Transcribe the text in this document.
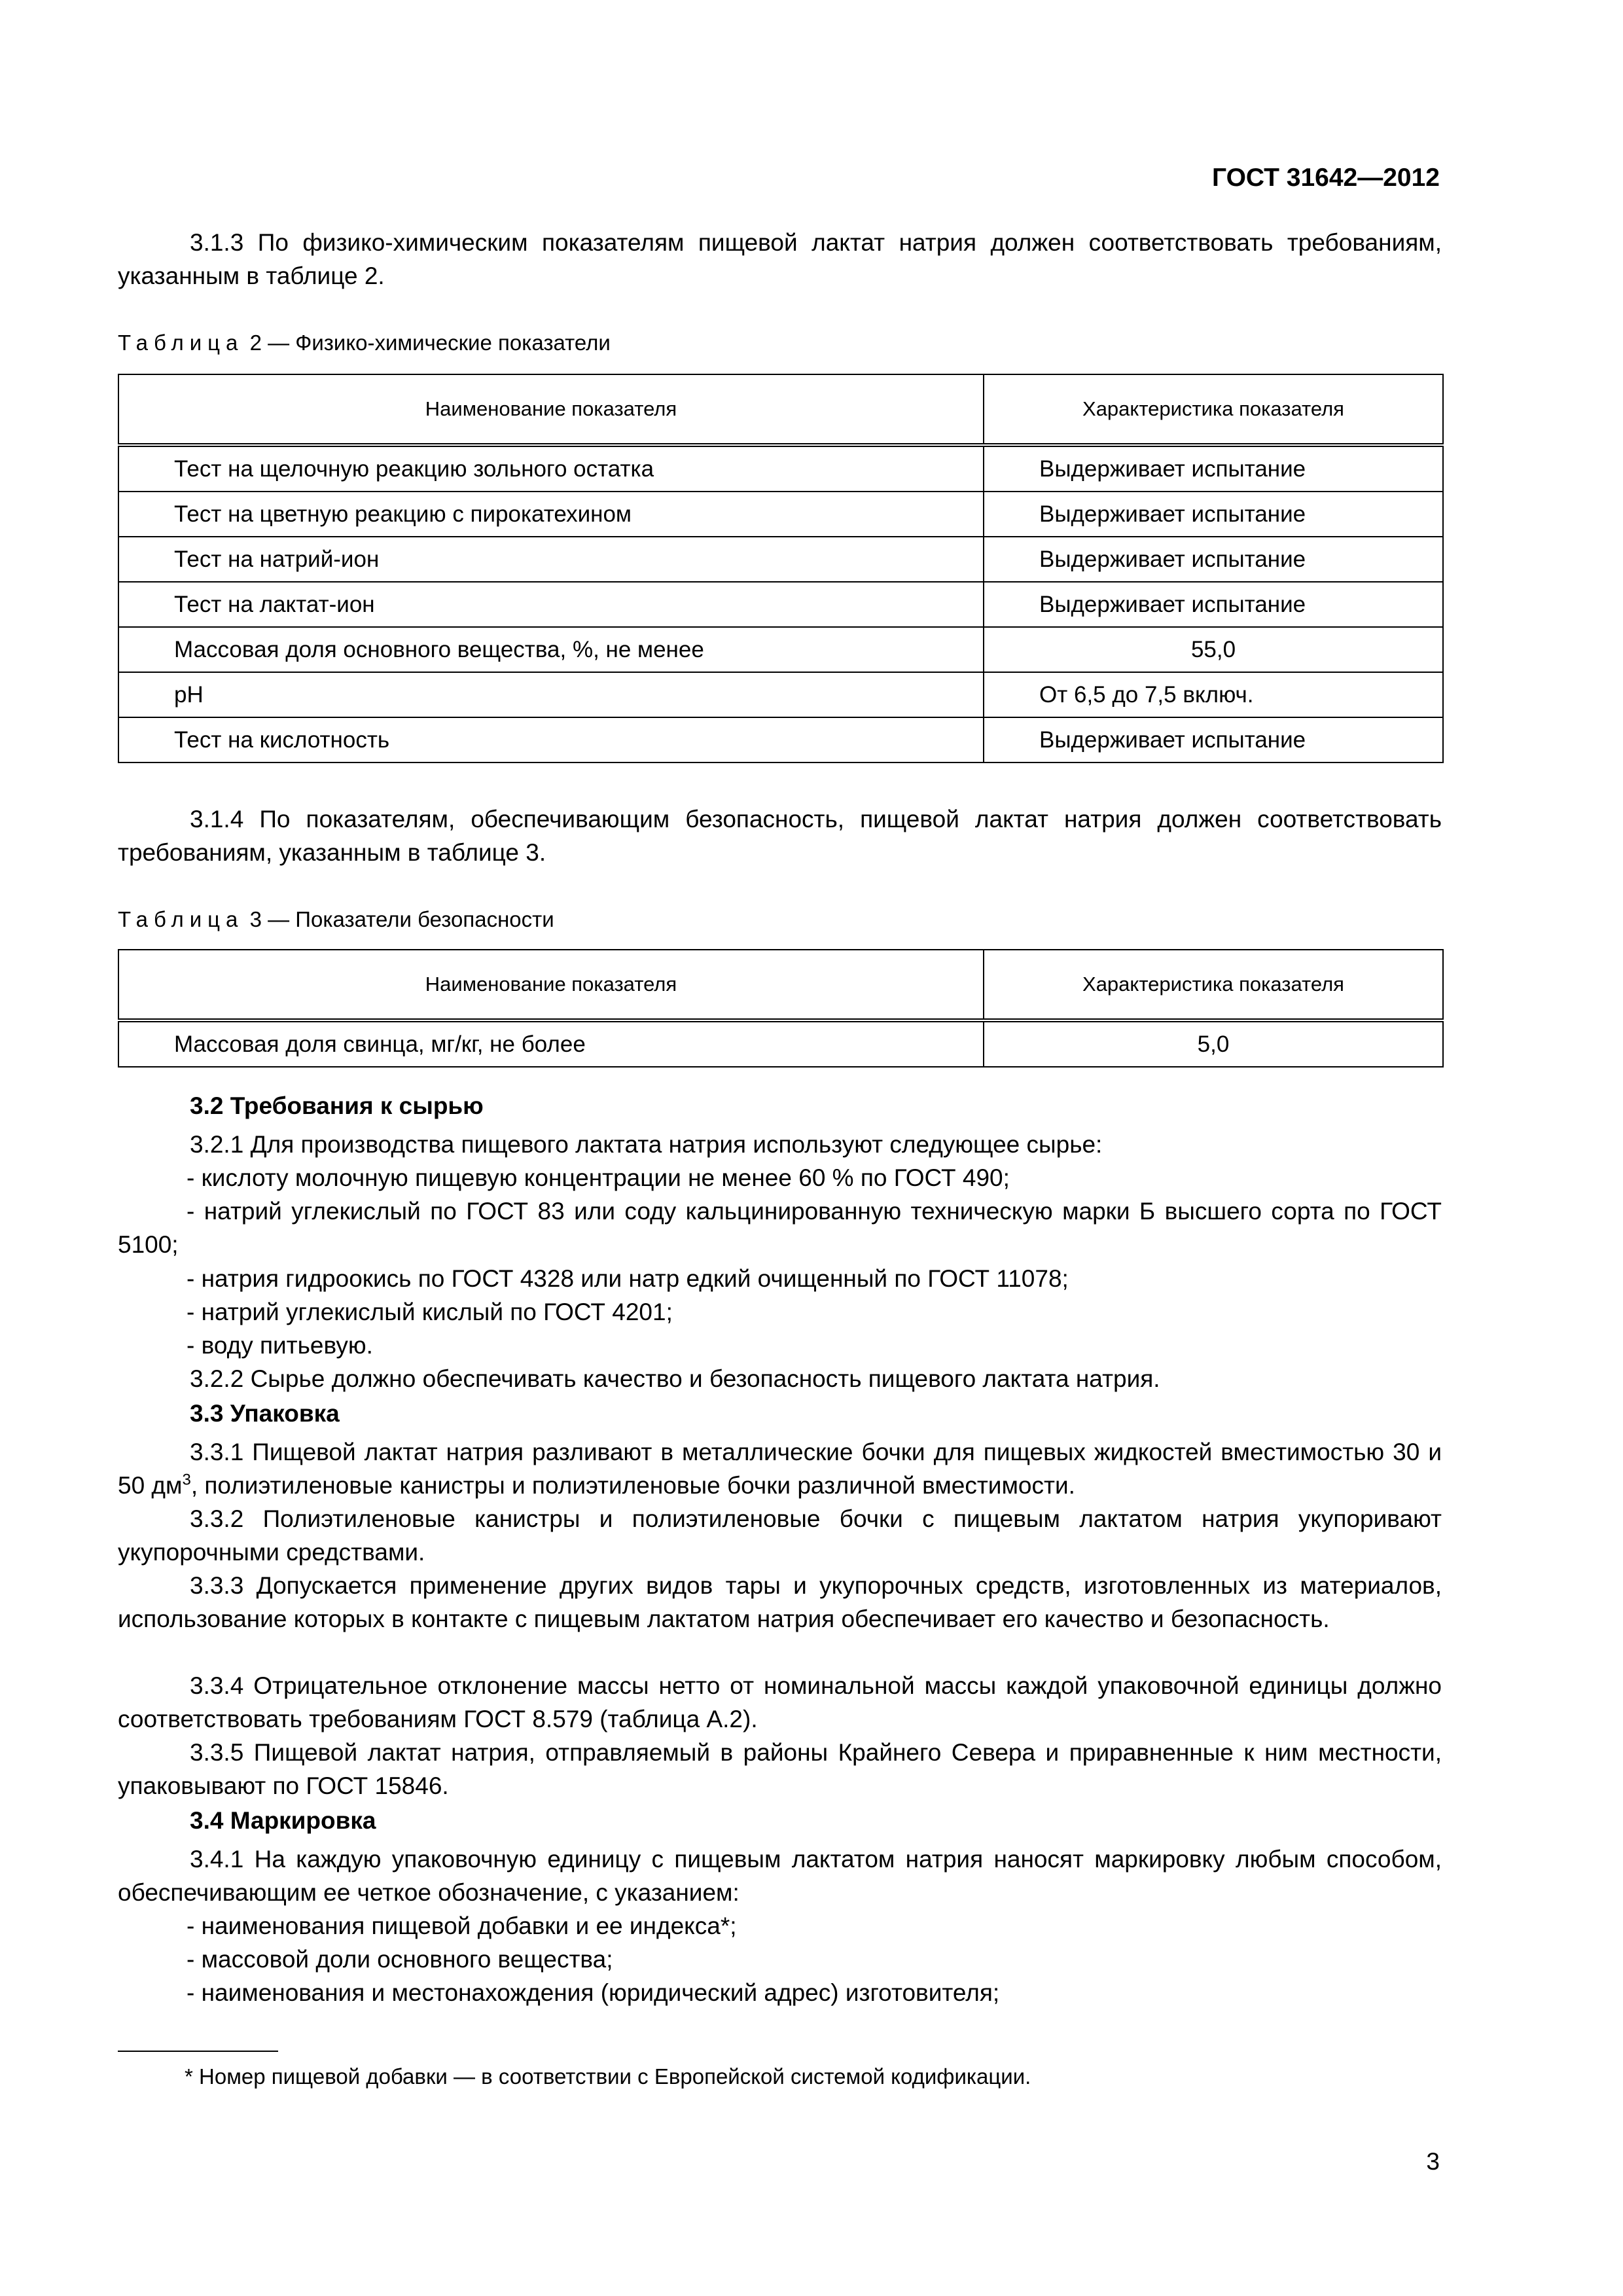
ГОСТ 31642—2012

3.1.3 По физико-химическим показателям пищевой лактат натрия должен соответствовать требованиям, указанным в таблице 2.

Таблица 2 — Физико-химические показатели
Наименование показателя	Характеристика показателя
Тест на щелочную реакцию зольного остатка	Выдерживает испытание
Тест на цветную реакцию с пирокатехином	Выдерживает испытание
Тест на натрий-ион	Выдерживает испытание
Тест на лактат-ион	Выдерживает испытание
Массовая доля основного вещества, %, не менее	55,0
pH	От 6,5 до 7,5 включ.
Тест на кислотность	Выдерживает испытание

3.1.4 По показателям, обеспечивающим безопасность, пищевой лактат натрия должен соответствовать требованиям, указанным в таблице 3.

Таблица 3 — Показатели безопасности
Наименование показателя	Характеристика показателя
Массовая доля свинца, мг/кг, не более	5,0
3.2 Требования к сырью
3.2.1 Для производства пищевого лактата натрия используют следующее сырье:
- кислоту молочную пищевую концентрации не менее 60 % по ГОСТ 490;

- натрий углекислый по ГОСТ 83 или соду кальцинированную техническую марки Б высшего сорта по ГОСТ 5100;

- натрия гидроокись по ГОСТ 4328 или натр едкий очищенный по ГОСТ 11078;
- натрий углекислый кислый по ГОСТ 4201;
- воду питьевую.
3.2.2 Сырье должно обеспечивать качество и безопасность пищевого лактата натрия.
3.3 Упаковка

3.3.1 Пищевой лактат натрия разливают в металлические бочки для пищевых жидкостей вместимостью 30 и 50 $дм^3$, полиэтиленовые канистры и полиэтиленовые бочки различной вместимости.

3.3.2 Полиэтиленовые канистры и полиэтиленовые бочки с пищевым лактатом натрия укупоривают укупорочными средствами.

3.3.3 Допускается применение других видов тары и укупорочных средств, изготовленных из материалов, использование которых в контакте с пищевым лактатом натрия обеспечивает его качество и безопасность.

3.3.4 Отрицательное отклонение массы нетто от номинальной массы каждой упаковочной единицы должно соответствовать требованиям ГОСТ 8.579 (таблица А.2).

3.3.5 Пищевой лактат натрия, отправляемый в районы Крайнего Севера и приравненные к ним местности, упаковывают по ГОСТ 15846.

3.4 Маркировка

3.4.1 На каждую упаковочную единицу с пищевым лактатом натрия наносят маркировку любым способом, обеспечивающим ее четкое обозначение, с указанием:

- наименования пищевой добавки и ее индекса*;
- массовой доли основного вещества;
- наименования и местонахождения (юридический адрес) изготовителя;
* Номер пищевой добавки — в соответствии с Европейской системой кодификации.
3
